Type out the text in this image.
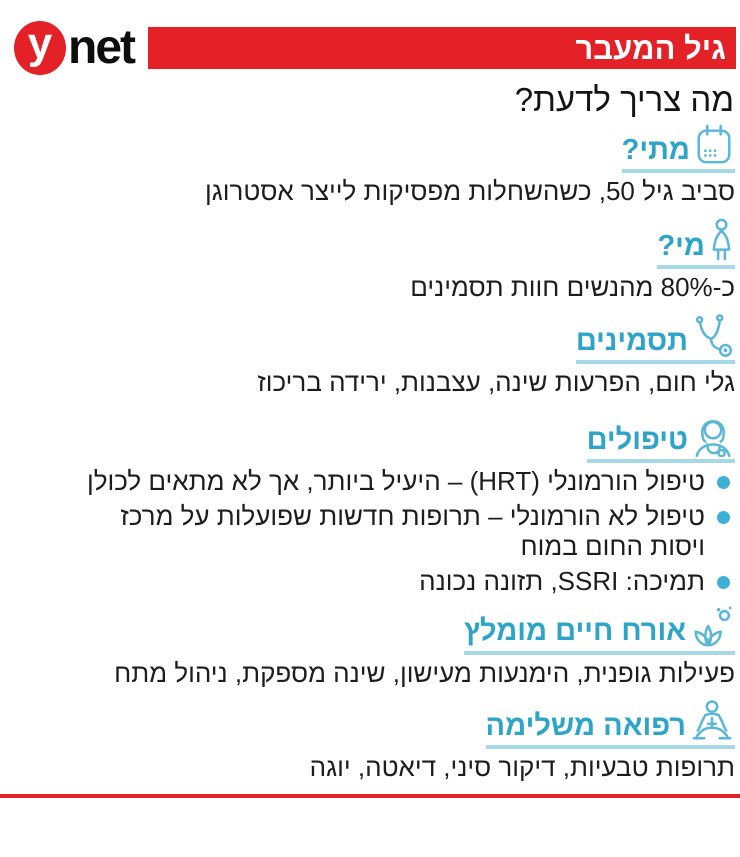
y net	גיל המעבר
מה צריך לדעת?
מתי?
סביב גיל 50, כשהשחלות מפסיקות לייצר אסטרוגן
מי?
כ-80% מהנשים חוות תסמינים
תסמינים
גלי חום, הפרעות שינה, עצבנות, ירידה בריכוז
טיפולים
טיפול הורמונלי (HRT) – היעיל ביותר, אך לא מתאים לכולן
טיפול לא הורמונלי – תרופות חדשות שפועלות על מרכז ויסות החום במוח
תמיכה: SSRI, תזונה נכונה
אורח חיים מומלץ
פעילות גופנית, הימנעות מעישון, שינה מספקת, ניהול מתח
רפואה משלימה
תרופות טבעיות, דיקור סיני, דיאטה, יוגה
